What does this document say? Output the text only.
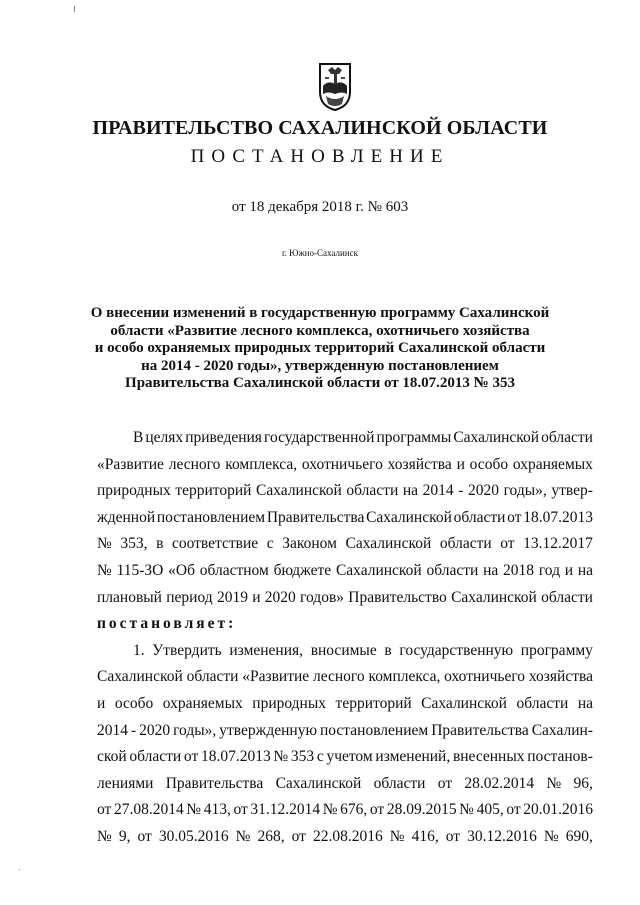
ПРАВИТЕЛЬСТВО САХАЛИНСКОЙ ОБЛАСТИ
ПОСТАНОВЛЕНИЕ
от 18 декабря 2018 г. № 603
г. Южно-Сахалинск
О внесении изменений в государственную программу Сахалинской
области «Развитие лесного комплекса, охотничьего хозяйства
и особо охраняемых природных территорий Сахалинской области
на 2014 - 2020 годы», утвержденную постановлением
Правительства Сахалинской области от 18.07.2013 № 353
В целях приведения государственной программы Сахалинской области
«Развитие лесного комплекса, охотничьего хозяйства и особо охраняемых
природных территорий Сахалинской области на 2014 - 2020 годы», утвер-
жденной постановлением Правительства Сахалинской области от 18.07.2013
№ 353, в соответствие с Законом Сахалинской области от 13.12.2017
№ 115-ЗО «Об областном бюджете Сахалинской области на 2018 год и на
плановый период 2019 и 2020 годов» Правительство Сахалинской области
постановляет:
1. Утвердить изменения, вносимые в государственную программу
Сахалинской области «Развитие лесного комплекса, охотничьего хозяйства
и особо охраняемых природных территорий Сахалинской области на
2014 - 2020 годы», утвержденную постановлением Правительства Сахалин-
ской области от 18.07.2013 № 353 с учетом изменений, внесенных постанов-
лениями Правительства Сахалинской области от 28.02.2014 № 96,
от 27.08.2014 № 413, от 31.12.2014 № 676, от 28.09.2015 № 405, от 20.01.2016
№ 9, от 30.05.2016 № 268, от 22.08.2016 № 416, от 30.12.2016 № 690,
